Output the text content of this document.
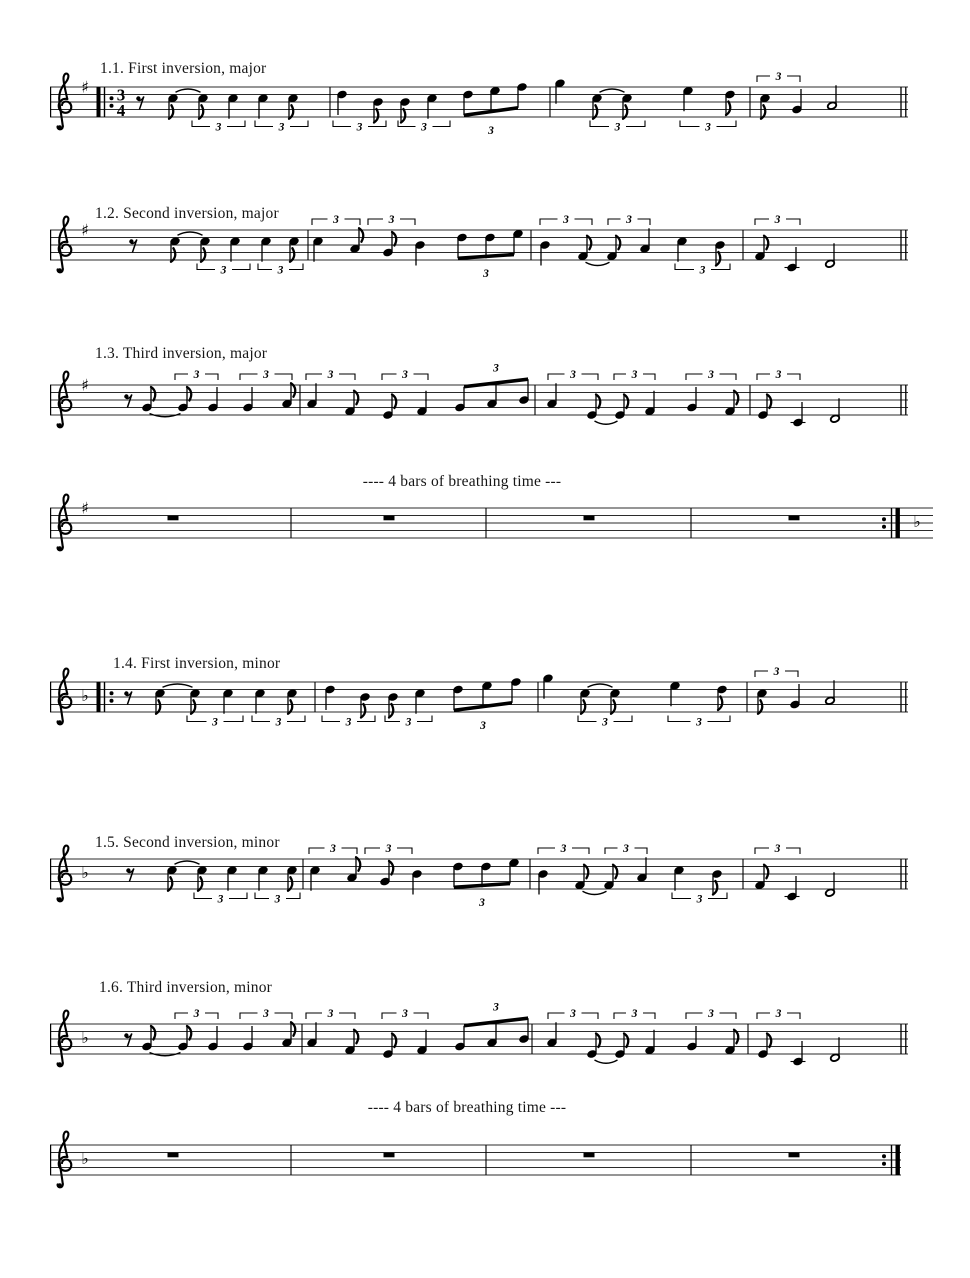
1.1. First inversion, major
1.2. Second inversion, major
1.3. Third inversion, major
---- 4 bars of breathing time ---
1.4. First inversion, minor
1.5. Second inversion, minor
1.6. Third inversion, minor
---- 4 bars of breathing time ---
♯ 3
4
3
3	3	3	3	3	3
3
♯
3
3	3
3	3	3	3
3
3
♯
3
3	3	3	3	3	3	3	3
♯
♭
♭
3
3	3	3	3	3	3
3
♭
3
3	3
3	3	3	3
3
3
♭
3
3	3	3	3	3	3	3	3
♭
